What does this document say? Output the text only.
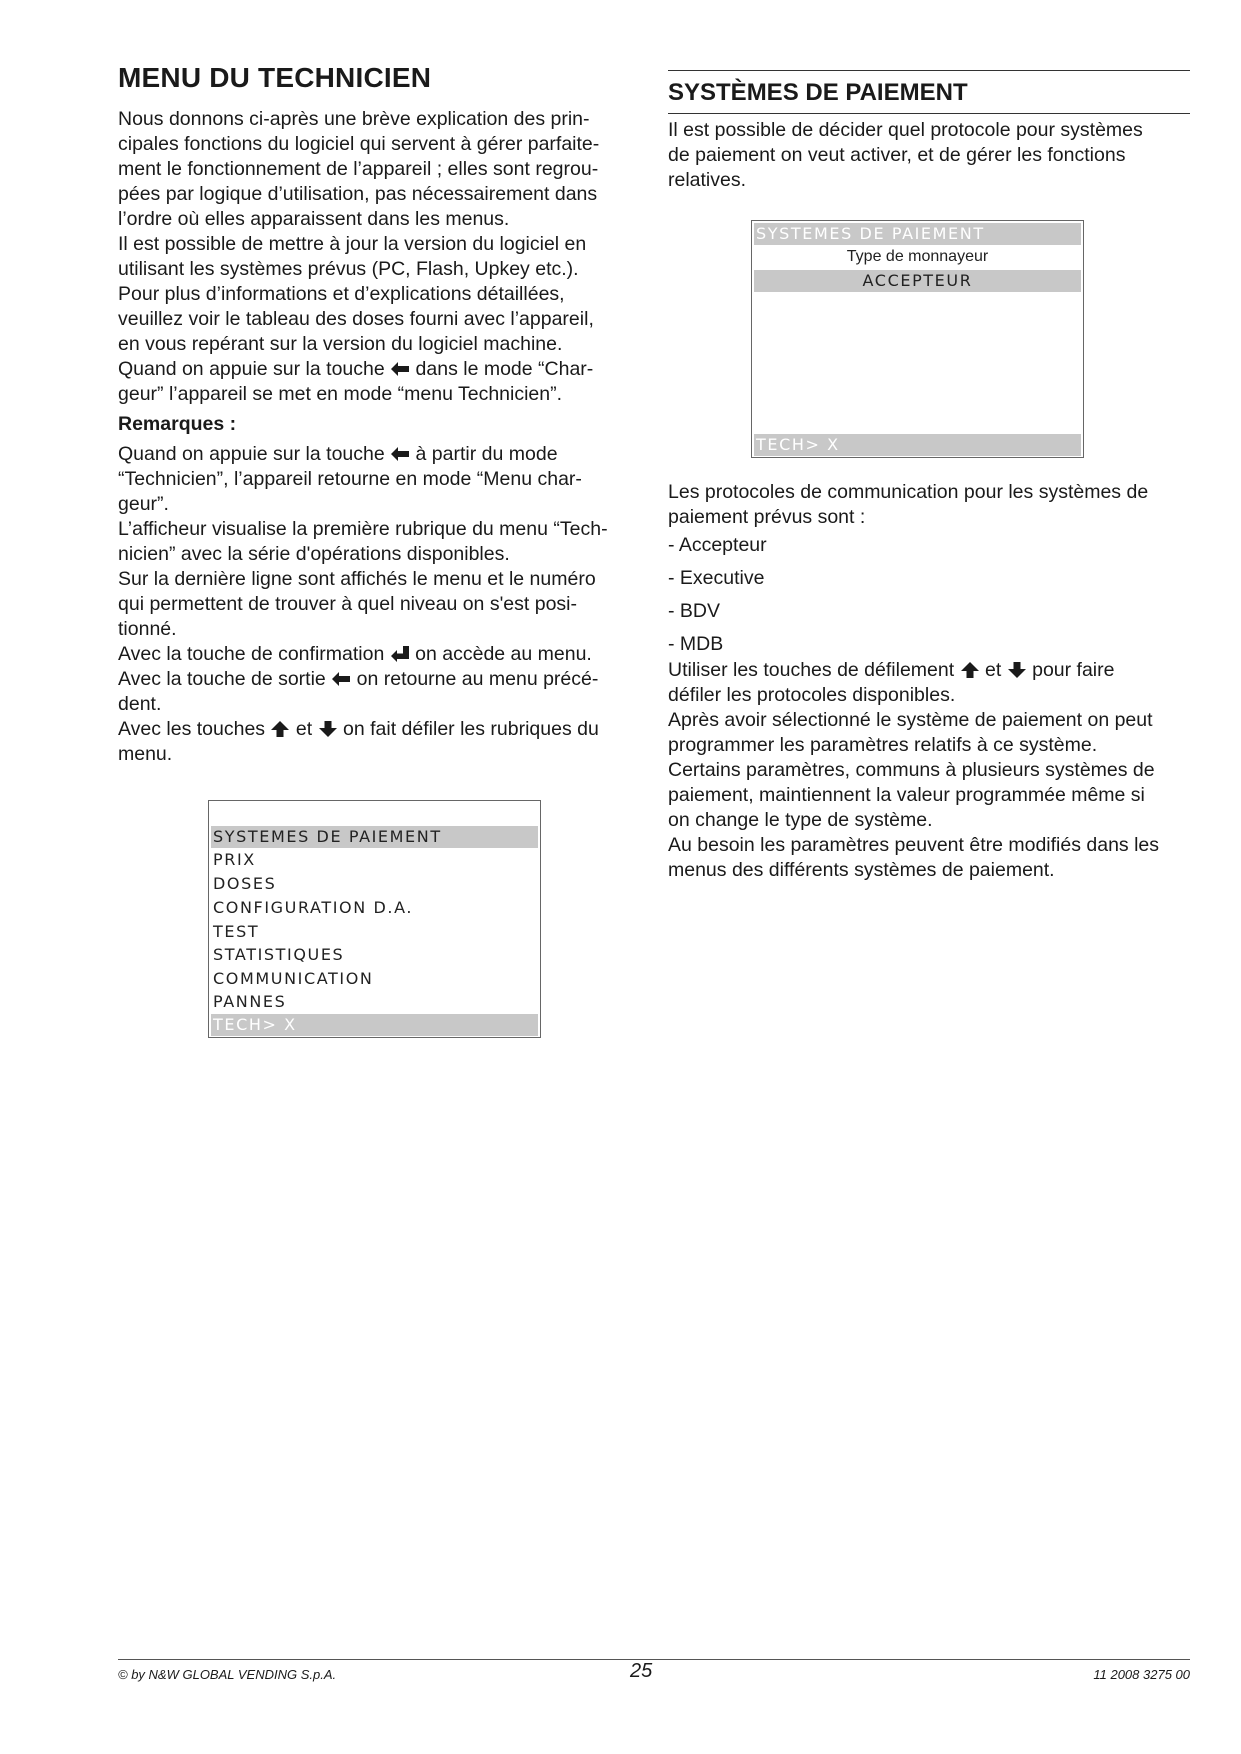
MENU DU TECHNICIEN

Nous donnons ci-après une brève explication des prin-

cipales fonctions du logiciel qui servent à gérer parfaite-

ment le fonctionnement de l’appareil ; elles sont regrou-

pées par logique d’utilisation, pas nécessairement dans

l’ordre où elles apparaissent dans les menus.

Il est possible de mettre à jour la version du logiciel en

utilisant les systèmes prévus (PC, Flash, Upkey etc.).

Pour plus d’informations et d’explications détaillées,

veuillez voir le tableau des doses fourni avec l’appareil,

en vous repérant sur la version du logiciel machine.

Quand on appuie sur la touche dans le mode “Char-

geur” l’appareil se met en mode “menu Technicien”.

Remarques :

Quand on appuie sur la touche à partir du mode

“Technicien”, l’appareil retourne en mode “Menu char-

geur”.

L’afficheur visualise la première rubrique du menu “Tech-

nicien” avec la série d'opérations disponibles.

Sur la dernière ligne sont affichés le menu et le numéro

qui permettent de trouver à quel niveau on s'est posi-

tionné.

Avec la touche de confirmation on accède au menu.

Avec la touche de sortie on retourne au menu précé-

dent.

Avec les touches et on fait défiler les rubriques du

menu.

SYSTEMES DE PAIEMENT
PRIX
DOSES
CONFIGURATION D.A.
TEST
STATISTIQUES
COMMUNICATION
PANNES
TECH> X
SYSTÈMES DE PAIEMENT

Il est possible de décider quel protocole pour systèmes

de paiement on veut activer, et de gérer les fonctions

relatives.

Les protocoles de communication pour les systèmes de

paiement prévus sont :

- Accepteur
- Executive
- BDV
- MDB

Utiliser les touches de défilement et pour faire

défiler les protocoles disponibles.

Après avoir sélectionné le système de paiement on peut

programmer les paramètres relatifs à ce système.

Certains paramètres, communs à plusieurs systèmes de

paiement, maintiennent la valeur programmée même si

on change le type de système.

Au besoin les paramètres peuvent être modifiés dans les

menus des différents systèmes de paiement.

SYSTEMES DE PAIEMENT
Type de monnayeur
ACCEPTEUR
TECH> X
© by N&W GLOBAL VENDING S.p.A.	25	11 2008 3275 00
